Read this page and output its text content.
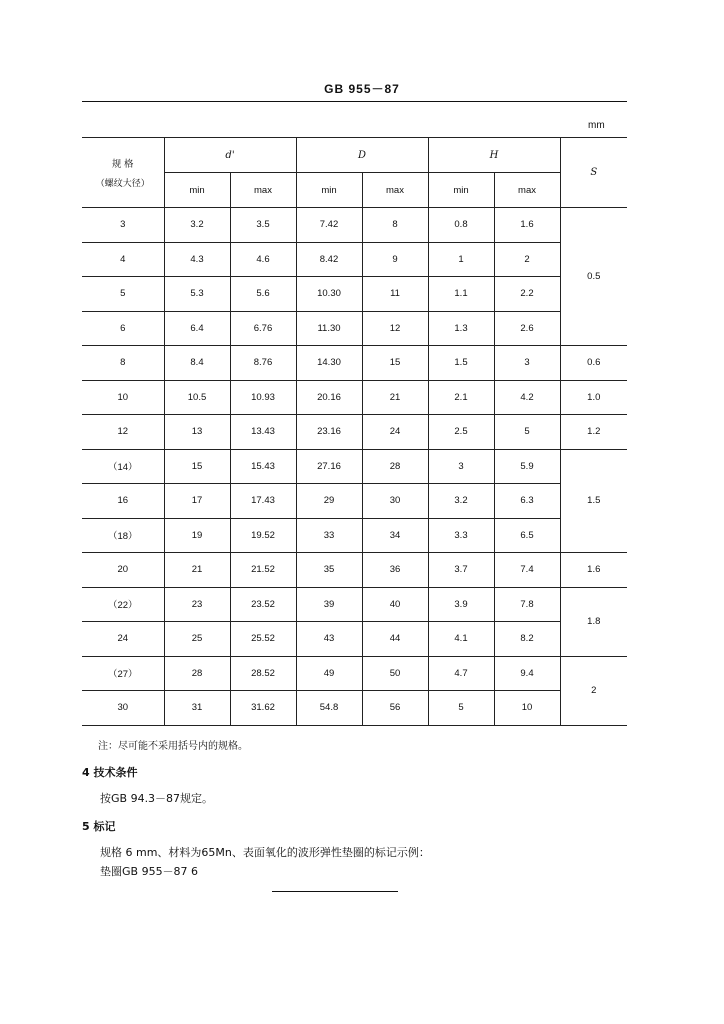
GB 955－87
mm
规 格
（螺纹大径）	d'		D		H		S
	min	max	min	max	min	max	
3	3.2	3.5	7.42	8	0.8	1.6	0.5
4	4.3	4.6	8.42	9	1	2	
5	5.3	5.6	10.30	11	1.1	2.2	
6	6.4	6.76	11.30	12	1.3	2.6	
8	8.4	8.76	14.30	15	1.5	3	0.6
10	10.5	10.93	20.16	21	2.1	4.2	1.0
12	13	13.43	23.16	24	2.5	5	1.2
（14）	15	15.43	27.16	28	3	5.9	1.5
16	17	17.43	29	30	3.2	6.3	
（18）	19	19.52	33	34	3.3	6.5	
20	21	21.52	35	36	3.7	7.4	1.6
（22）	23	23.52	39	40	3.9	7.8	1.8
24	25	25.52	43	44	4.1	8.2	
（27）	28	28.52	49	50	4.7	9.4	2
30	31	31.62	54.8	56	5	10	
注：尽可能不采用括号内的规格。
4 技术条件
按GB 94.3－87规定。
5 标记
规格 6 mm、材料为65Mn、表面氧化的波形弹性垫圈的标记示例：
垫圈GB 955－87 6
